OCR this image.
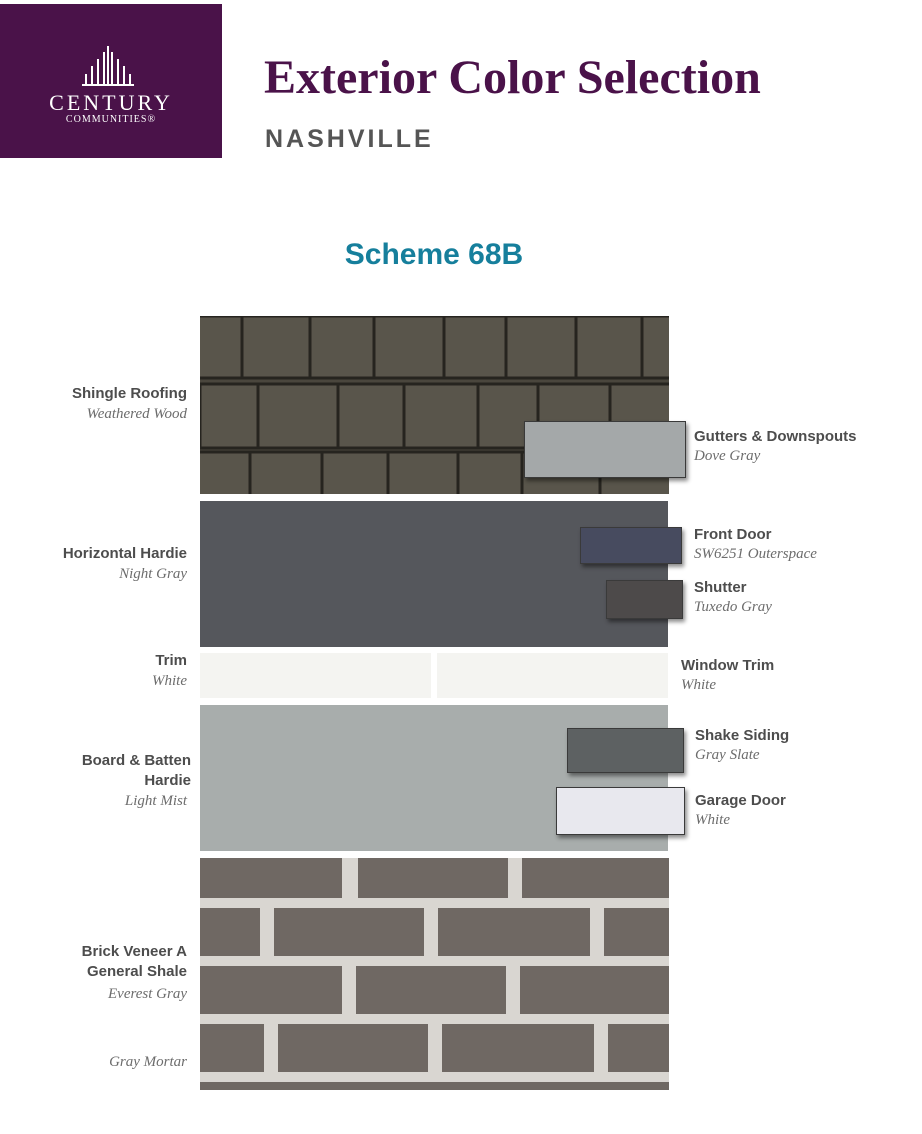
CENTURY
COMMUNITIES®
Exterior Color Selection
NASHVILLE
Scheme 68B
Shingle Roofing
Weathered Wood
Horizontal Hardie
Night Gray
Trim
White
Board & Batten
Hardie
Light Mist
Brick Veneer A
General Shale
Everest Gray
Gray Mortar
Gutters & Downspouts
Dove Gray
Front Door
SW6251 Outerspace
Shutter
Tuxedo Gray
Window Trim
White
Shake Siding
Gray Slate
Garage Door
White
